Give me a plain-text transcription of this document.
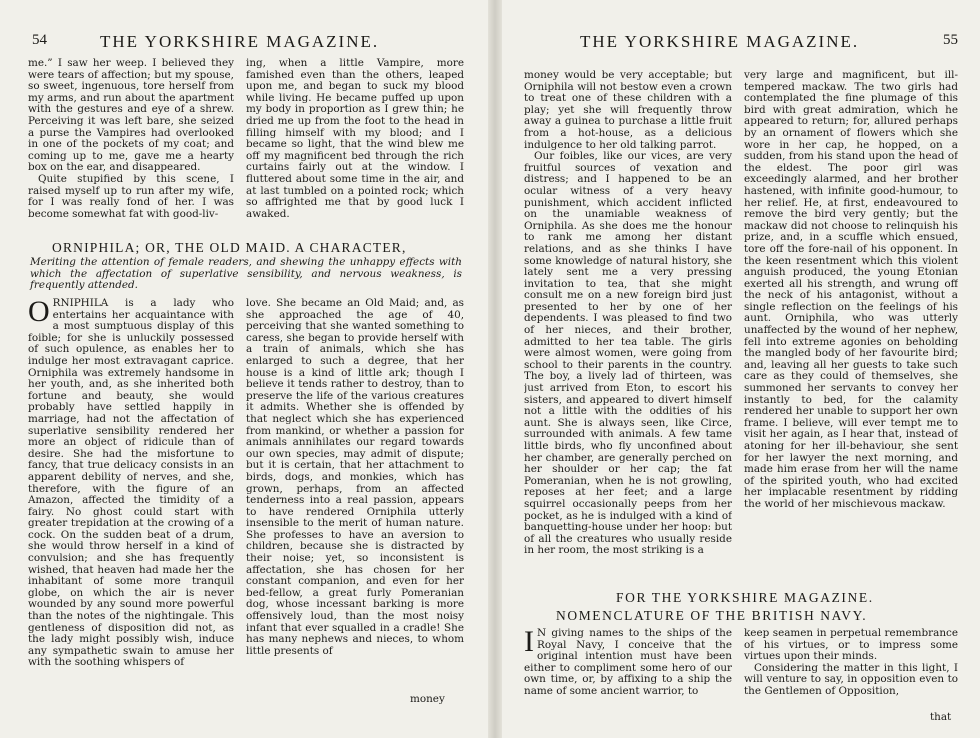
54	THE YORKSHIRE MAGAZINE.

me.” I saw her weep. I believed they were tears of affection; but my spouse, so sweet, ingenuous, tore herself from my arms, and run about the apartment with the gestures and eye of a shrew. Perceiving it was left bare, she seized a purse the Vampires had overlooked in one of the pockets of my coat; and coming up to me, gave me a hearty box on the ear, and disappeared.

Quite stupified by this scene, I raised myself up to run after my wife, for I was really fond of her. I was become somewhat fat with good-liv-

ing, when a little Vampire, more famished even than the others, leaped upon me, and began to suck my blood while living. He became puffed up upon my body in proportion as I grew thin; he dried me up from the foot to the head in filling himself with my blood; and I became so light, that the wind blew me off my magnificent bed through the rich curtains fairly out at the window. I fluttered about some time in the air, and at last tumbled on a pointed rock; which so affrighted me that by good luck I awaked.

ORNIPHILA; OR, THE OLD MAID. A CHARACTER,
Meriting the attention of female readers, and shewing the unhappy effects with which the affectation of superlative sensibility, and nervous weakness, is frequently attended.

ORNIPHILA is a lady who entertains her acquaintance with a most sumptuous display of this foible; for she is unluckily possessed of such opulence, as enables her to indulge her most extravagant caprice. Orniphila was extremely handsome in her youth, and, as she inherited both fortune and beauty, she would probably have settled happily in marriage, had not the affectation of superlative sensibility rendered her more an object of ridicule than of desire. She had the misfortune to fancy, that true delicacy consists in an apparent debility of nerves, and she, therefore, with the figure of an Amazon, affected the timidity of a fairy. No ghost could start with greater trepidation at the crowing of a cock. On the sudden beat of a drum, she would throw herself in a kind of convulsion; and she has frequently wished, that heaven had made her the inhabitant of some more tranquil globe, on which the air is never wounded by any sound more powerful than the notes of the nightingale. This gentleness of disposition did not, as the lady might possibly wish, induce any sympathetic swain to amuse her with the soothing whispers of

love. She became an Old Maid; and, as she approached the age of 40, perceiving that she wanted something to caress, she began to provide herself with a train of animals, which she has enlarged to such a degree, that her house is a kind of little ark; though I believe it tends rather to destroy, than to preserve the life of the various creatures it admits. Whether she is offended by that neglect which she has experienced from mankind, or whether a passion for animals annihilates our regard towards our own species, may admit of dispute; but it is certain, that her attachment to birds, dogs, and monkies, which has grown, perhaps, from an affected tenderness into a real passion, appears to have rendered Orniphila utterly insensible to the merit of human nature. She professes to have an aversion to children, because she is distracted by their noise; yet, so inconsistent is affectation, she has chosen for her constant companion, and even for her bed-fellow, a great furly Pomeranian dog, whose incessant barking is more offensively loud, than the most noisy infant that ever squalled in a cradle! She has many nephews and nieces, to whom little presents of

money
THE YORKSHIRE MAGAZINE.	55

money would be very acceptable; but Orniphila will not bestow even a crown to treat one of these children with a play; yet she will frequently throw away a guinea to purchase a little fruit from a hot-house, as a delicious indulgence to her old talking parrot.

Our foibles, like our vices, are very fruitful sources of vexation and distress; and I happened to be an ocular witness of a very heavy punishment, which accident inflicted on the unamiable weakness of Orniphila. As she does me the honour to rank me among her distant relations, and as she thinks I have some knowledge of natural history, she lately sent me a very pressing invitation to tea, that she might consult me on a new foreign bird just presented to her by one of her dependents. I was pleased to find two of her nieces, and their brother, admitted to her tea table. The girls were almost women, were going from school to their parents in the country. The boy, a lively lad of thirteen, was just arrived from Eton, to escort his sisters, and appeared to divert himself not a little with the oddities of his aunt. She is always seen, like Circe, surrounded with animals. A few tame little birds, who fly unconfined about her chamber, are generally perched on her shoulder or her cap; the fat Pomeranian, when he is not growling, reposes at her feet; and a large squirrel occasionally peeps from her pocket, as he is indulged with a kind of banquetting-house under her hoop: but of all the creatures who usually reside in her room, the most striking is a

very large and magnificent, but ill-tempered mackaw. The two girls had contemplated the fine plumage of this bird with great admiration, which he appeared to return; for, allured perhaps by an ornament of flowers which she wore in her cap, he hopped, on a sudden, from his stand upon the head of the eldest. The poor girl was exceedingly alarmed, and her brother hastened, with infinite good-humour, to her relief. He, at first, endeavoured to remove the bird very gently; but the mackaw did not choose to relinquish his prize, and, in a scuffle which ensued, tore off the fore-nail of his opponent. In the keen resentment which this violent anguish produced, the young Etonian exerted all his strength, and wrung off the neck of his antagonist, without a single reflection on the feelings of his aunt. Orniphila, who was utterly unaffected by the wound of her nephew, fell into extreme agonies on beholding the mangled body of her favourite bird; and, leaving all her guests to take such care as they could of themselves, she summoned her servants to convey her instantly to bed, for the calamity rendered her unable to support her own frame. I believe, will ever tempt me to visit her again, as I hear that, instead of atoning for her ill-behaviour, she sent for her lawyer the next morning, and made him erase from her will the name of the spirited youth, who had excited her implacable resentment by ridding the world of her mischievous mackaw.

FOR THE YORKSHIRE MAGAZINE.
NOMENCLATURE OF THE BRITISH NAVY.

I N giving names to the ships of the Royal Navy, I conceive that the original intention must have been either to compliment some hero of our own time, or, by affixing to a ship the name of some ancient warrior, to

keep seamen in perpetual remembrance of his virtues, or to impress some virtues upon their minds.

Considering the matter in this light, I will venture to say, in opposition even to the Gentlemen of Opposition,

that
